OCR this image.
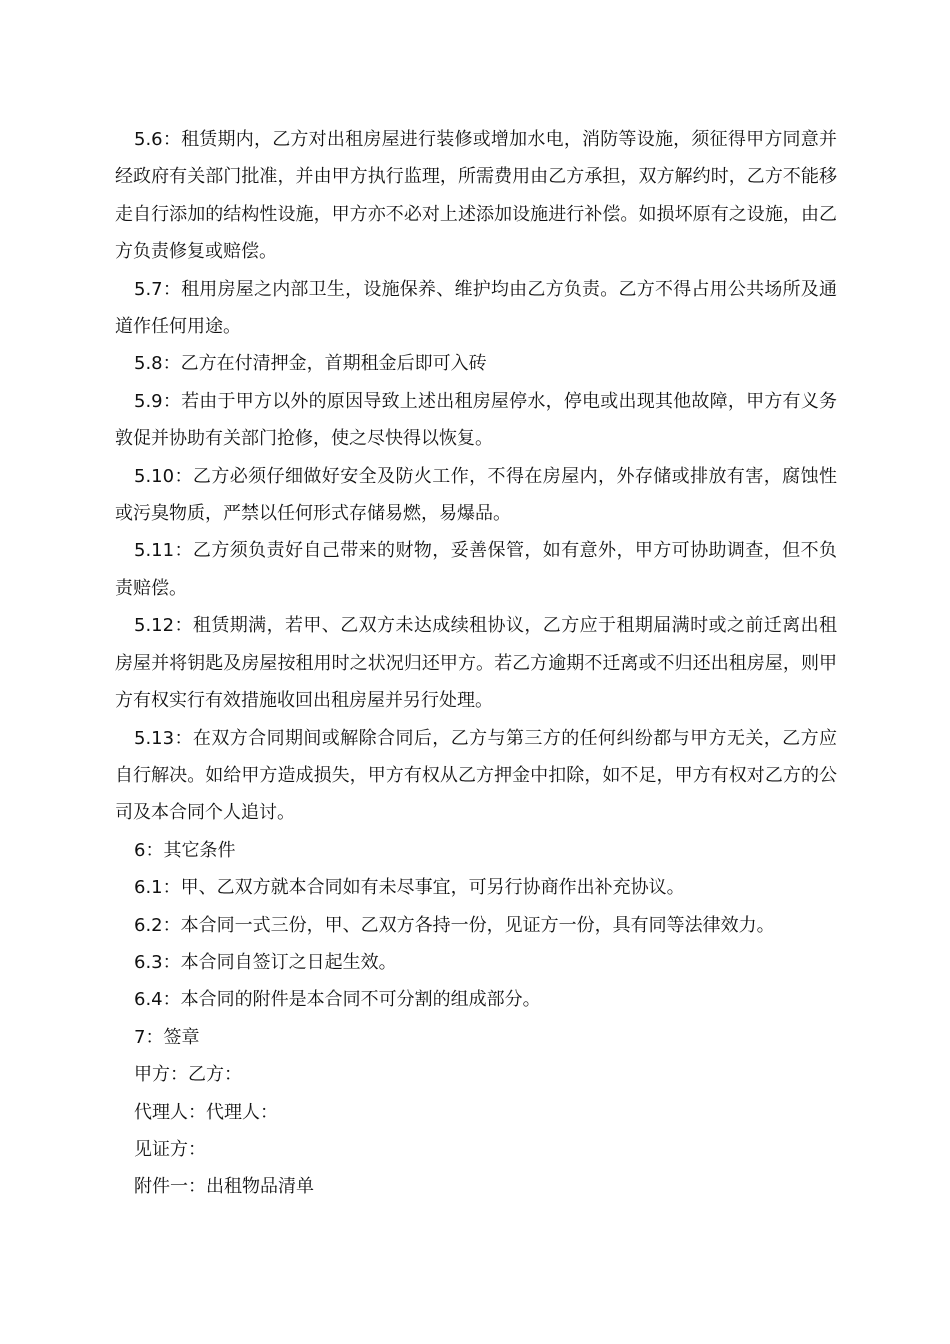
5.6：租赁期内，乙方对出租房屋进行装修或增加水电，消防等设施，须征得甲方同意并经政府有关部门批准，并由甲方执行监理，所需费用由乙方承担，双方解约时，乙方不能移走自行添加的结构性设施，甲方亦不必对上述添加设施进行补偿。如损坏原有之设施，由乙方负责修复或赔偿。

5.7：租用房屋之内部卫生，设施保养、维护均由乙方负责。乙方不得占用公共场所及通道作任何用途。

5.8：乙方在付清押金，首期租金后即可入砖

5.9：若由于甲方以外的原因导致上述出租房屋停水，停电或出现其他故障，甲方有义务敦促并协助有关部门抢修，使之尽快得以恢复。

5.10：乙方必须仔细做好安全及防火工作，不得在房屋内，外存储或排放有害，腐蚀性或污臭物质，严禁以任何形式存储易燃，易爆品。

5.11：乙方须负责好自己带来的财物，妥善保管，如有意外，甲方可协助调查，但不负责赔偿。

5.12：租赁期满，若甲、乙双方未达成续租协议，乙方应于租期届满时或之前迁离出租房屋并将钥匙及房屋按租用时之状况归还甲方。若乙方逾期不迁离或不归还出租房屋，则甲方有权实行有效措施收回出租房屋并另行处理。

5.13：在双方合同期间或解除合同后，乙方与第三方的任何纠纷都与甲方无关，乙方应自行解决。如给甲方造成损失，甲方有权从乙方押金中扣除，如不足，甲方有权对乙方的公司及本合同个人追讨。

6：其它条件

6.1：甲、乙双方就本合同如有未尽事宜，可另行协商作出补充协议。

6.2：本合同一式三份，甲、乙双方各持一份，见证方一份，具有同等法律效力。

6.3：本合同自签订之日起生效。

6.4：本合同的附件是本合同不可分割的组成部分。

7：签章

甲方：乙方：

代理人：代理人：

见证方：

附件一：出租物品清单
